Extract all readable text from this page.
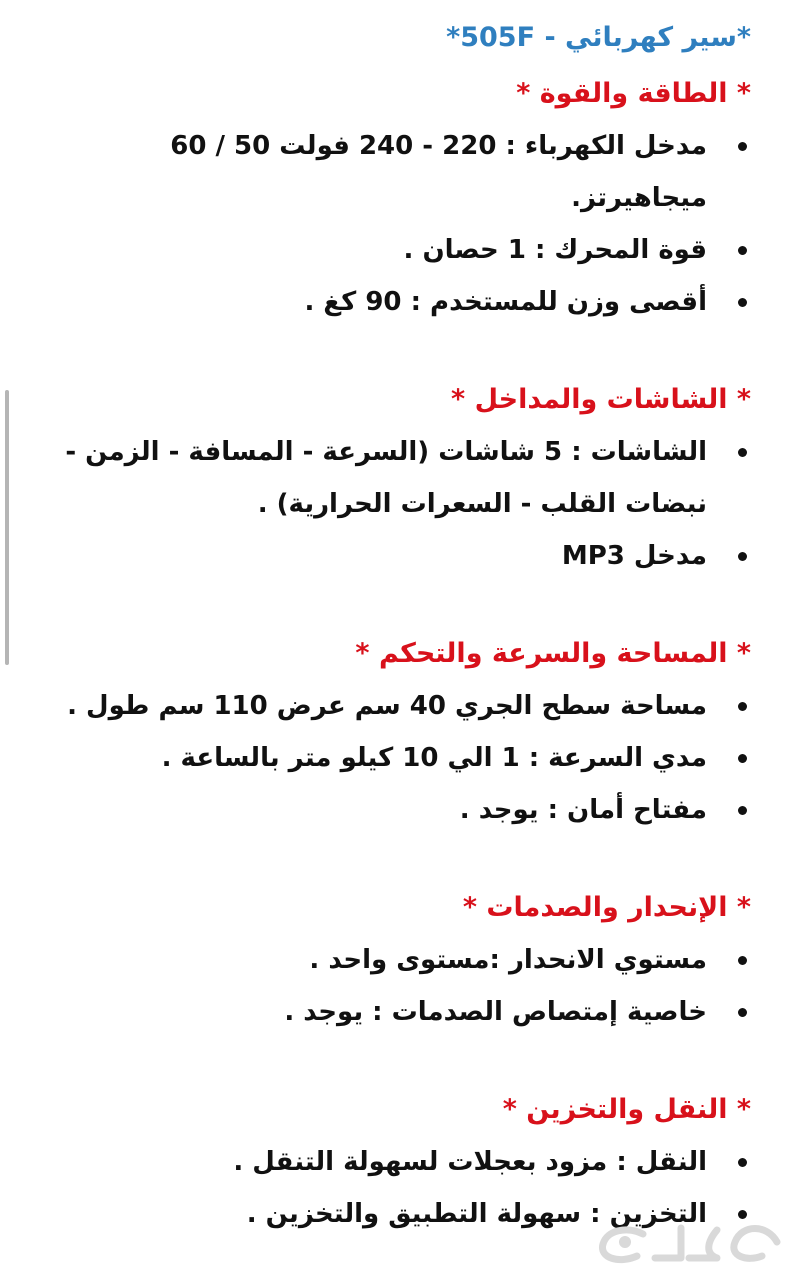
*سير كهربائي - 505F*
* الطاقة والقوة *
مدخل الكهرباء : 220 - 240 فولت 50 / 60 ميجاهيرتز.
قوة المحرك : 1 حصان .
أقصى وزن للمستخدم : 90 كغ .
* الشاشات والمداخل *
الشاشات : 5 شاشات (السرعة - المسافة - الزمن - نبضات القلب - السعرات الحرارية) .
مدخل MP3
* المساحة والسرعة والتحكم *
مساحة سطح الجري 40 سم عرض 110 سم طول .
مدي السرعة : 1 الي 10 كيلو متر بالساعة .
مفتاح أمان : يوجد .
* الإنحدار والصدمات *
مستوي الانحدار :مستوى واحد .
خاصية إمتصاص الصدمات : يوجد .
* النقل والتخزين *
النقل : مزود بعجلات لسهولة التنقل .
التخزين : سهولة التطبيق والتخزين .
